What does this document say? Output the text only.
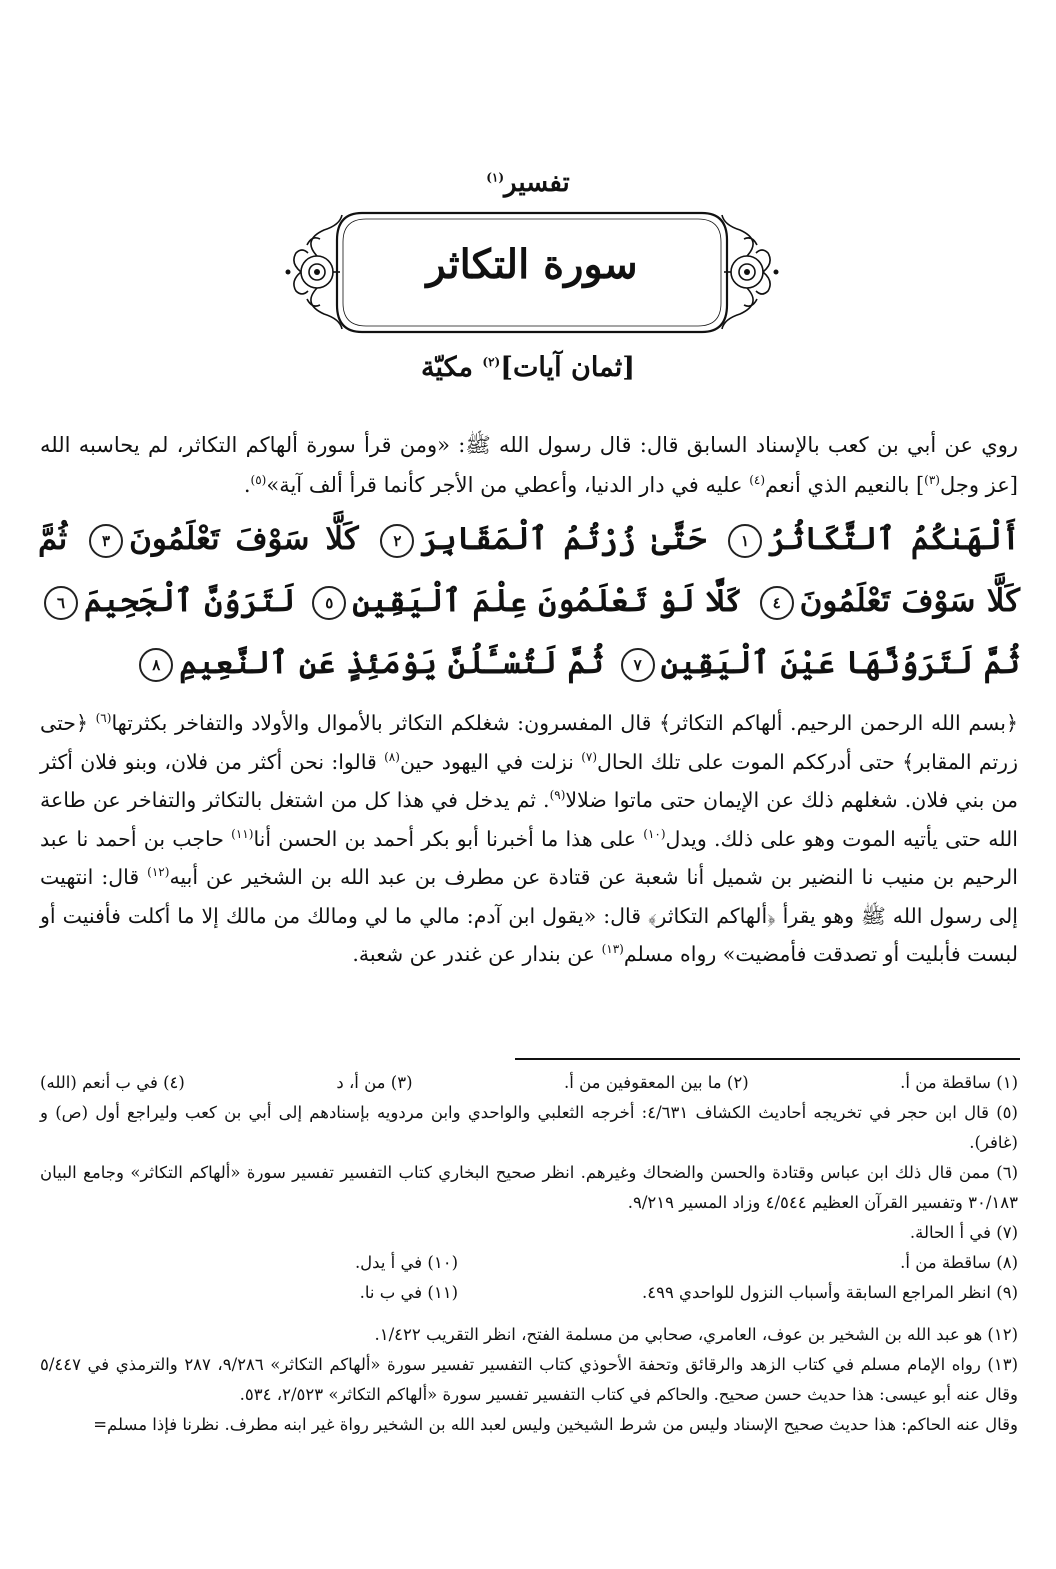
تفسير$^{(١)}$
سورة التكاثر
[ثمان آيات]$^{(٢)}$ مكيّة
روي عن أبي بن كعب بالإسناد السابق قال: قال رسول الله ﷺ: «ومن قرأ سورة ألهاكم التكاثر، لم يحاسبه الله [عز وجل$^{(٣)}$] بالنعيم الذي أنعم$^{(٤)}$ عليه في دار الدنيا، وأعطي من الأجر كأنما قرأ ألف آية»$^{(٥)}$.
أَلْهَىٰكُمُ ٱلتَّكَاثُرُ١ حَتَّىٰ زُرْتُمُ ٱلْمَقَابِرَ٢ كَلَّا سَوْفَ تَعْلَمُونَ٣ ثُمَّ كَلَّا سَوْفَ تَعْلَمُونَ٤ كَلَّا لَوْ تَعْلَمُونَ عِلْمَ ٱلْيَقِينِ٥ لَتَرَوُنَّ ٱلْجَحِيمَ٦ ثُمَّ لَتَرَوُنَّهَا عَيْنَ ٱلْيَقِينِ٧ ثُمَّ لَتُسْـَٔلُنَّ يَوْمَئِذٍ عَنِ ٱلنَّعِيمِ٨
﴿بسم الله الرحمن الرحيم. ألهاكم التكاثر﴾ قال المفسرون: شغلكم التكاثر بالأموال والأولاد والتفاخر بكثرتها$^{(٦)}$ ﴿حتى زرتم المقابر﴾ حتى أدرككم الموت على تلك الحال$^{(٧)}$ نزلت في اليهود حين$^{(٨)}$ قالوا: نحن أكثر من فلان، وبنو فلان أكثر من بني فلان. شغلهم ذلك عن الإيمان حتى ماتوا ضلالا$^{(٩)}$. ثم يدخل في هذا كل من اشتغل بالتكاثر والتفاخر عن طاعة الله حتى يأتيه الموت وهو على ذلك. ويدل$^{(١٠)}$ على هذا ما أخبرنا أبو بكر أحمد بن الحسن أنا$^{(١١)}$ حاجب بن أحمد نا عبد الرحيم بن منيب نا النضير بن شميل أنا شعبة عن قتادة عن مطرف بن عبد الله بن الشخير عن أبيه$^{(١٢)}$ قال: انتهيت إلى رسول الله ﷺ وهو يقرأ ﴿ألهاكم التكاثر﴾ قال: «يقول ابن آدم: مالي ما لي ومالك من مالك إلا ما أكلت فأفنيت أو لبست فأبليت أو تصدقت فأمضيت» رواه مسلم$^{(١٣)}$ عن بندار عن غندر عن شعبة.
(١) ساقطة من أ.
(٢) ما بين المعقوفين من أ.
(٣) من أ، د
(٤) في ب أنعم (الله)
(٥) قال ابن حجر في تخريجه أحاديث الكشاف ٤/٦٣١: أخرجه الثعلبي والواحدي وابن مردويه بإسنادهم إلى أبي بن كعب وليراجع أول (ص) و (غافر).
(٦) ممن قال ذلك ابن عباس وقتادة والحسن والضحاك وغيرهم. انظر صحيح البخاري كتاب التفسير تفسير سورة «ألهاكم التكاثر» وجامع البيان ٣٠/١٨٣ وتفسير القرآن العظيم ٤/٥٤٤ وزاد المسير ٩/٢١٩.
(٧) في أ الحالة.
(٨) ساقطة من أ.
(١٠) في أ يدل.
(٩) انظر المراجع السابقة وأسباب النزول للواحدي ٤٩٩.
(١١) في ب نا.
(١٢) هو عبد الله بن الشخير بن عوف، العامري، صحابي من مسلمة الفتح، انظر التقريب ١/٤٢٢.
(١٣) رواه الإمام مسلم في كتاب الزهد والرقائق وتحفة الأحوذي كتاب التفسير تفسير سورة «ألهاكم التكاثر» ٩/٢٨٦، ٢٨٧ والترمذي في ٥/٤٤٧ وقال عنه أبو عيسى: هذا حديث حسن صحيح. والحاكم في كتاب التفسير تفسير سورة «ألهاكم التكاثر» ٢/٥٢٣، ٥٣٤.
وقال عنه الحاكم: هذا حديث صحيح الإسناد وليس من شرط الشيخين وليس لعبد الله بن الشخير رواة غير ابنه مطرف. نظرنا فإذا مسلم=
